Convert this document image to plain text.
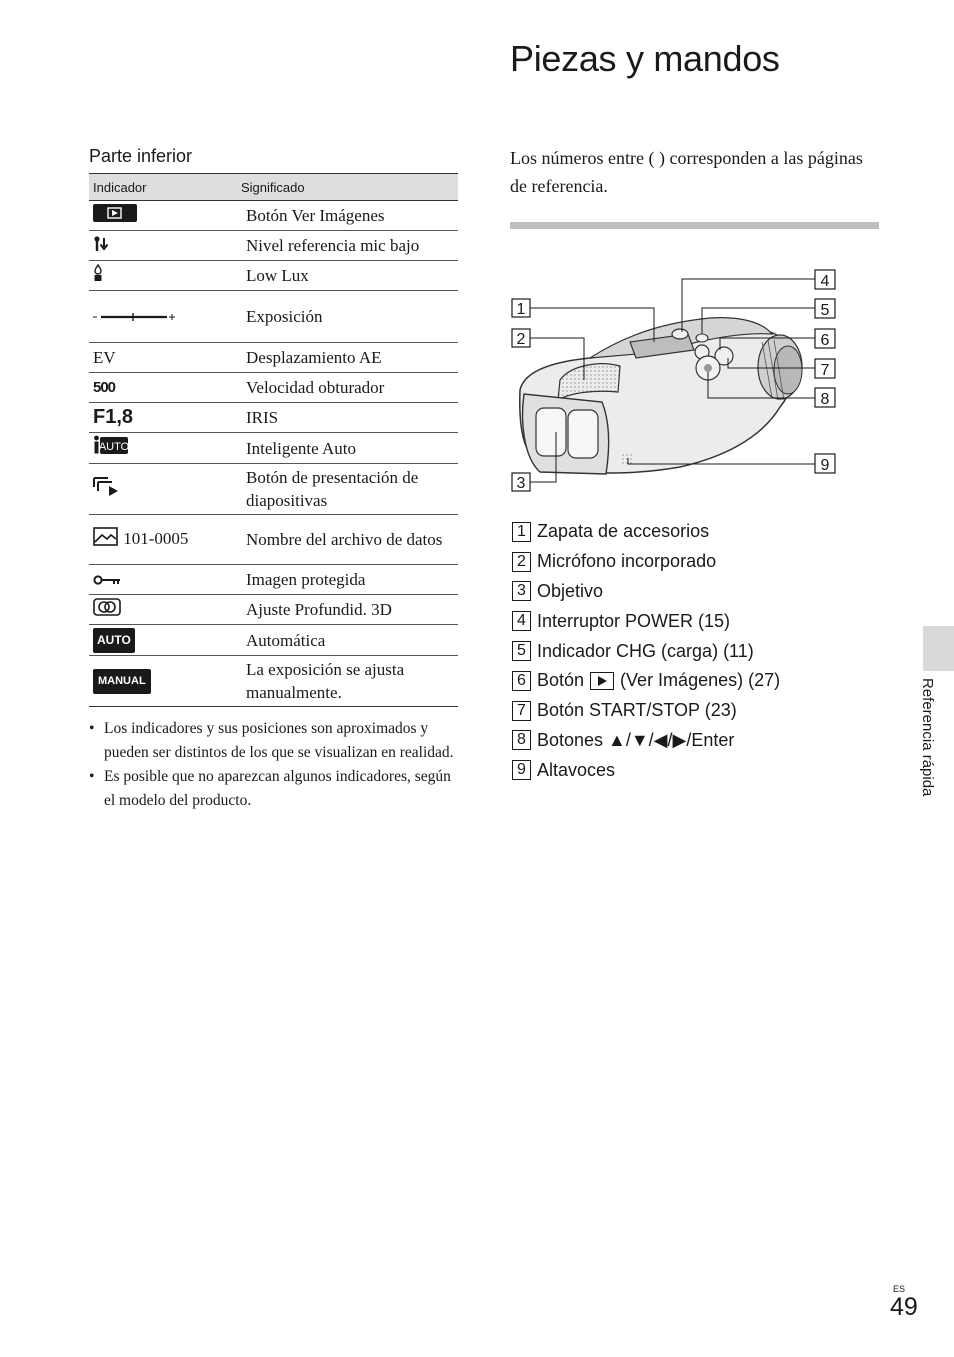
Piezas y mandos
Parte inferior
Indicador	Significado
	Botón Ver Imágenes
	Nivel referencia mic bajo
	Low Lux
	Exposición
EV	Desplazamiento AE
500	Velocidad obturador
F1,8	IRIS

AUTO	Inteligente Auto
	Botón de presentación de diapositivas
101-0005	Nombre del archivo de datos
	Imagen protegida
	Ajuste Profundid. 3D
AUTO	Automática
MANUAL	La exposición se ajusta manualmente.
• Los indicadores y sus posiciones son aproximados y pueden ser distintos de los que se visualizan en realidad.
• Es posible que no aparezcan algunos indicadores, según el modelo del producto.

Los números entre ( ) corresponden a las páginas de referencia.

1
2
3
4
5
6
7
8
9
1 Zapata de accesorios
2 Micrófono incorporado
3 Objetivo
4 Interruptor POWER (15)
5 Indicador CHG (carga) (11)
6 Botón (Ver Imágenes) (27)
7 Botón START/STOP (23)
8 Botones ▲/▼/◀/▶/Enter
9 Altavoces	Referencia rápida
ES
49
